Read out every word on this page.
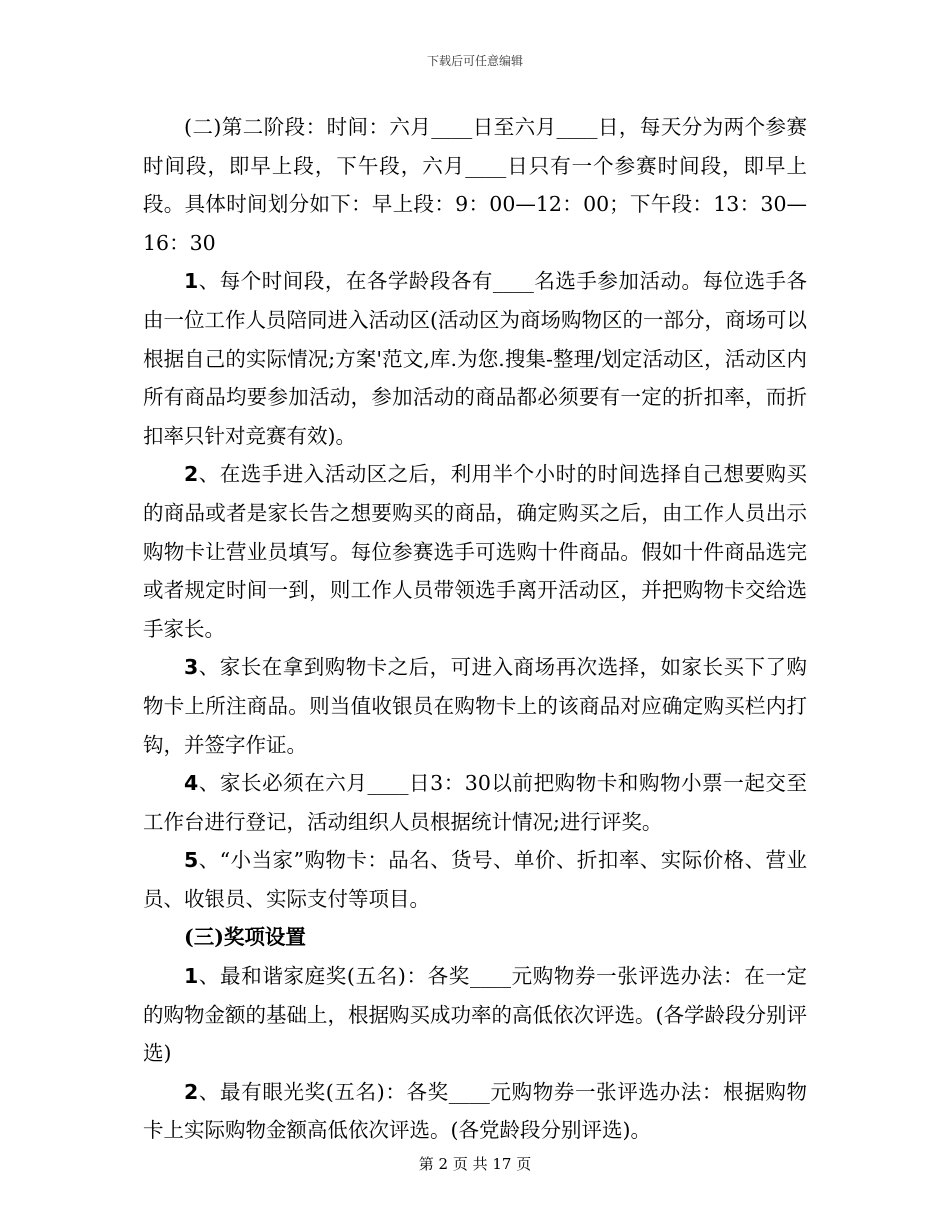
下载后可任意编辑

(二)第二阶段：时间：六月____日至六月____日，每天分为两个参赛时间段，即早上段，下午段，六月____日只有一个参赛时间段，即早上段。具体时间划分如下：早上段：9：00—12：00；下午段：13：30—16：30

1、每个时间段，在各学龄段各有____名选手参加活动。每位选手各由一位工作人员陪同进入活动区(活动区为商场购物区的一部分，商场可以根据自己的实际情况;方案'范文,库.为您.搜集-整理/划定活动区，活动区内所有商品均要参加活动，参加活动的商品都必须要有一定的折扣率，而折扣率只针对竞赛有效)。

2、在选手进入活动区之后，利用半个小时的时间选择自己想要购买的商品或者是家长告之想要购买的商品，确定购买之后，由工作人员出示购物卡让营业员填写。每位参赛选手可选购十件商品。假如十件商品选完或者规定时间一到，则工作人员带领选手离开活动区，并把购物卡交给选手家长。

3、家长在拿到购物卡之后，可进入商场再次选择，如家长买下了购物卡上所注商品。则当值收银员在购物卡上的该商品对应确定购买栏内打钩，并签字作证。

4、家长必须在六月____日3：30以前把购物卡和购物小票一起交至工作台进行登记，活动组织人员根据统计情况;进行评奖。

5、“小当家”购物卡：品名、货号、单价、折扣率、实际价格、营业员、收银员、实际支付等项目。

(三)奖项设置

1、最和谐家庭奖(五名)：各奖____元购物券一张评选办法：在一定的购物金额的基础上，根据购买成功率的高低依次评选。(各学龄段分别评选)

2、最有眼光奖(五名)：各奖____元购物券一张评选办法：根据购物卡上实际购物金额高低依次评选。(各党龄段分别评选)。

第 2 页 共 17 页
